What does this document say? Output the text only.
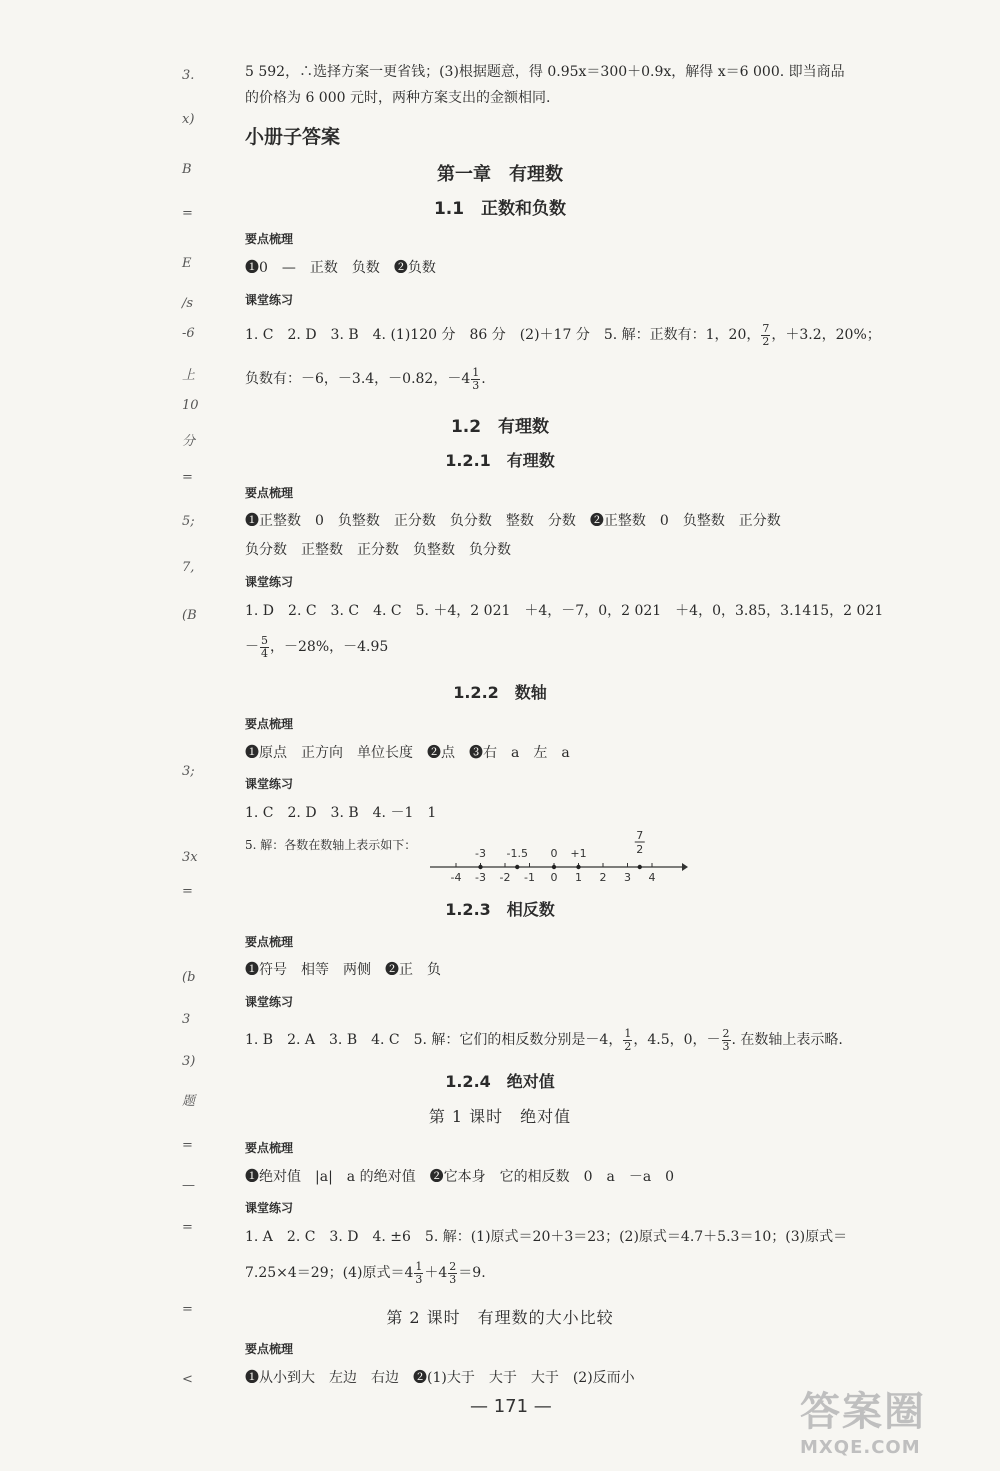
3.
x)
B
=
E
/s
-6
上
10
分
=
5;
7,
(B
3;
3x
=
(b
3
3)
题
=
—
=
=
<
5 592，∴选择方案一更省钱；(3)根据题意，得 0.95x＝300＋0.9x，解得 x＝6 000. 即当商品
的价格为 6 000 元时，两种方案支出的金额相同.
小册子答案
第一章　有理数
1.1　正数和负数
要点梳理
❶0　—　正数　负数　❷负数
课堂练习
1. C　2. D　3. B　4. (1)120 分　86 分　(2)＋17 分　5. 解：正数有：1，20， $\frac{7}{2}$ ，＋3.2，20%；
负数有：－6，－3.4，－0.82，$-4 \frac{1}{3}$ .
1.2　有理数
1.2.1　有理数
要点梳理
❶正整数　0　负整数　正分数　负分数　整数　分数　❷正整数　0　负整数　正分数
负分数　正整数　正分数　负整数　负分数
课堂练习
1. D　2. C　3. C　4. C　5. ＋4，2 021　＋4，－7，0，2 021　＋4，0，3.85，3.1415，2 021
－ $\frac{5}{4}$ ，－28%，－4.95
1.2.2　数轴
要点梳理
❶原点　正方向　单位长度　❷点　❸右　a　左　a
课堂练习
1. C　2. D　3. B　4. －1　1
5. 解：各数在数轴上表示如下：
-4 -3 -2 -1 0 1 2 3 4
-3 -1.5 0 +1
7
2
1.2.3　相反数
要点梳理
❶符号　相等　两侧　❷正　负
课堂练习
1. B　2. A　3. B　4. C　5. 解：它们的相反数分别是－4， $\frac{1}{2}$ ，4.5，0，－ $\frac{2}{3}$ . 在数轴上表示略.
1.2.4　绝对值
第 1 课时　绝对值
要点梳理
❶绝对值　|a|　a 的绝对值　❷它本身　它的相反数　0　a　－a　0
课堂练习
1. A　2. C　3. D　4. ±6　5. 解：(1)原式＝20＋3＝23；(2)原式＝4.7＋5.3＝10；(3)原式＝
7.25×4＝29；(4)原式$=4 \frac{1}{3} +4 \frac{2}{3} =9$.
第 2 课时　有理数的大小比较
要点梳理
❶从小到大　左边　右边　❷(1)大于　大于　大于　(2)反而小
— 171 —	答案圈
MXQE.COM
